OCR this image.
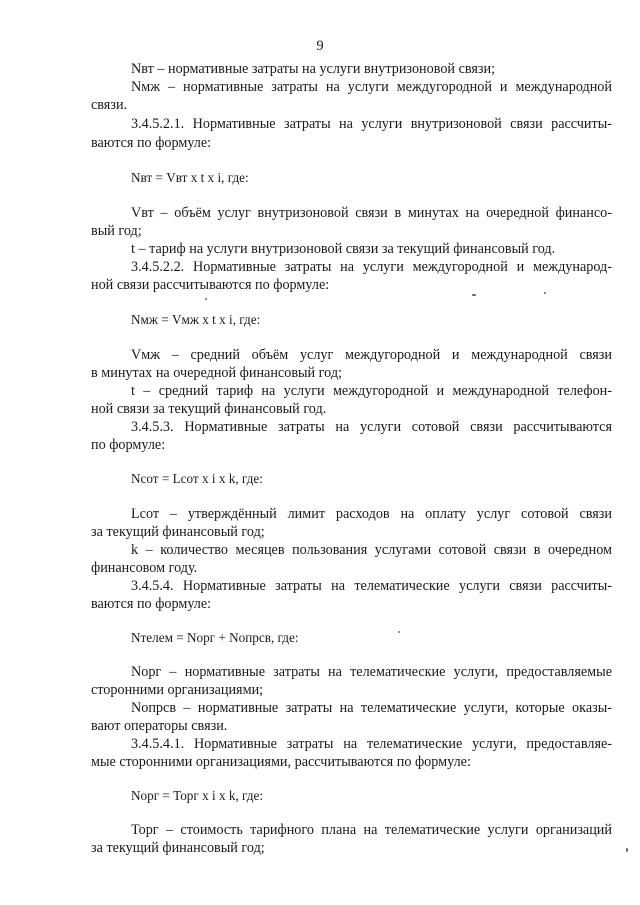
9
Nвт – нормативные затраты на услуги внутризоновой связи;
Nмж – нормативные затраты на услуги междугородной и международной
связи.
3.4.5.2.1. Нормативные затраты на услуги внутризоновой связи рассчиты-
ваются по формуле:
Nвт = Vвт x t x i, где:
Vвт – объём услуг внутризоновой связи в минутах на очередной финансо-
вый год;
t – тариф на услуги внутризоновой связи за текущий финансовый год.
3.4.5.2.2. Нормативные затраты на услуги междугородной и международ-
ной связи рассчитываются по формуле:
Nмж = Vмж x t x i, где:
Vмж – средний объём услуг междугородной и международной связи
в минутах на очередной финансовый год;
t – средний тариф на услуги междугородной и международной телефон-
ной связи за текущий финансовый год.
3.4.5.3. Нормативные затраты на услуги сотовой связи рассчитываются
по формуле:
Nсот = Lсот x i x k, где:
Lсот – утверждённый лимит расходов на оплату услуг сотовой связи
за текущий финансовый год;
k – количество месяцев пользования услугами сотовой связи в очередном
финансовом году.
3.4.5.4. Нормативные затраты на телематические услуги связи рассчиты-
ваются по формуле:
Nтелем = Nорг + Nопрсв, где:
Nорг – нормативные затраты на телематические услуги, предоставляемые
сторонними организациями;
Nопрсв – нормативные затраты на телематические услуги, которые оказы-
вают операторы связи.
3.4.5.4.1. Нормативные затраты на телематические услуги, предоставляе-
мые сторонними организациями, рассчитываются по формуле:
Nорг = Торг x i x k, где:
Торг – стоимость тарифного плана на телематические услуги организаций
за текущий финансовый год;
